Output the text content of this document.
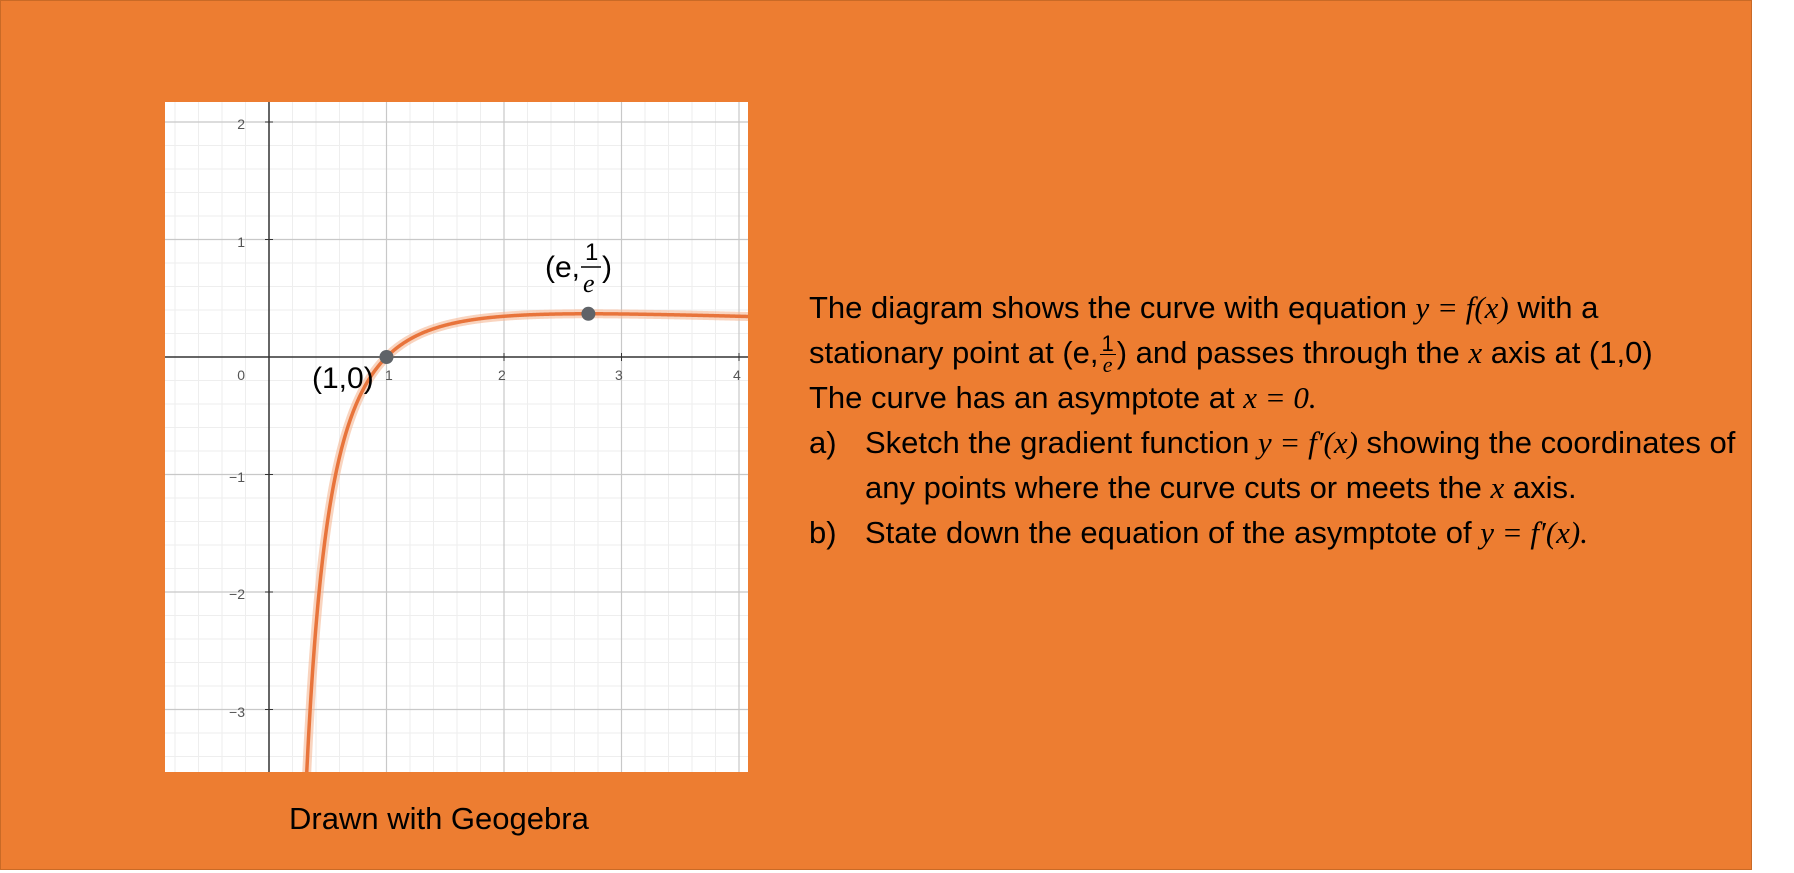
1	2	3	4
2
1
0
−1
−2
−3
(1,0)
(e, 1
e )
Drawn with Geogebra
The diagram shows the curve with equation y = f(x) with a
stationary point at (e, $\frac{1}{e}$ ) and passes through the x axis at (1,0)
The curve has an asymptote at x = 0.
a) Sketch the gradient function y = f′(x) showing the coordinates of any points where the curve cuts or meets the x axis.
b) State down the equation of the asymptote of y = f′(x).
